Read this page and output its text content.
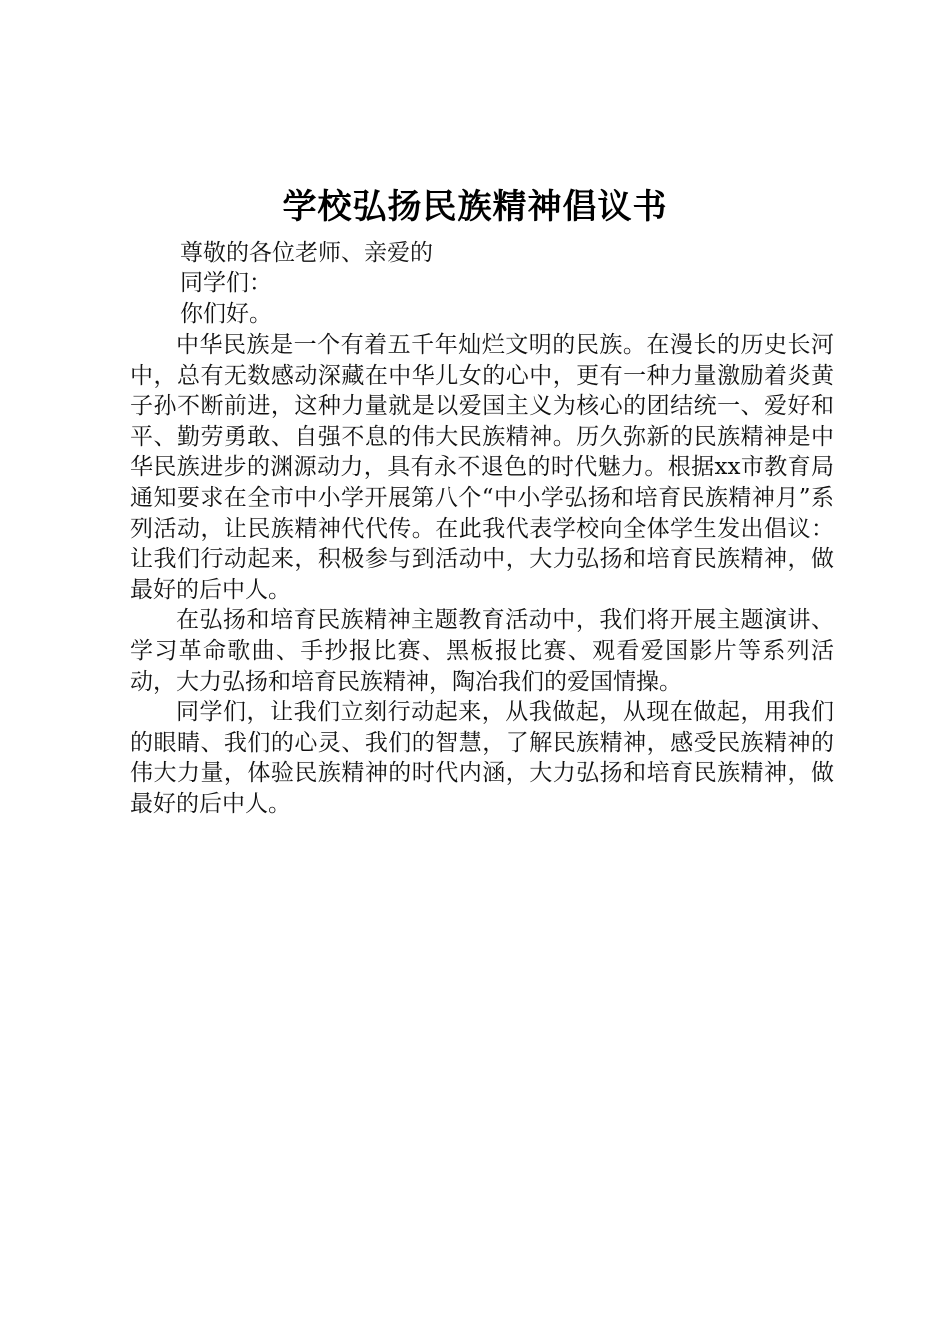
学校弘扬民族精神倡议书
尊敬的各位老师、亲爱的
同学们：
你们好。

中华民族是一个有着五千年灿烂文明的民族。在漫长的历史长河中，总有无数感动深藏在中华儿女的心中，更有一种力量激励着炎黄子孙不断前进，这种力量就是以爱国主义为核心的团结统一、爱好和平、勤劳勇敢、自强不息的伟大民族精神。历久弥新的民族精神是中华民族进步的渊源动力，具有永不退色的时代魅力。根据xx市教育局通知要求在全市中小学开展第八个“中小学弘扬和培育民族精神月”系列活动，让民族精神代代传。在此我代表学校向全体学生发出倡议：让我们行动起来，积极参与到活动中，大力弘扬和培育民族精神，做最好的后中人。

在弘扬和培育民族精神主题教育活动中，我们将开展主题演讲、学习革命歌曲、手抄报比赛、黑板报比赛、观看爱国影片等系列活动，大力弘扬和培育民族精神，陶冶我们的爱国情操。

同学们，让我们立刻行动起来，从我做起，从现在做起，用我们的眼睛、我们的心灵、我们的智慧，了解民族精神，感受民族精神的伟大力量，体验民族精神的时代内涵，大力弘扬和培育民族精神，做最好的后中人。
